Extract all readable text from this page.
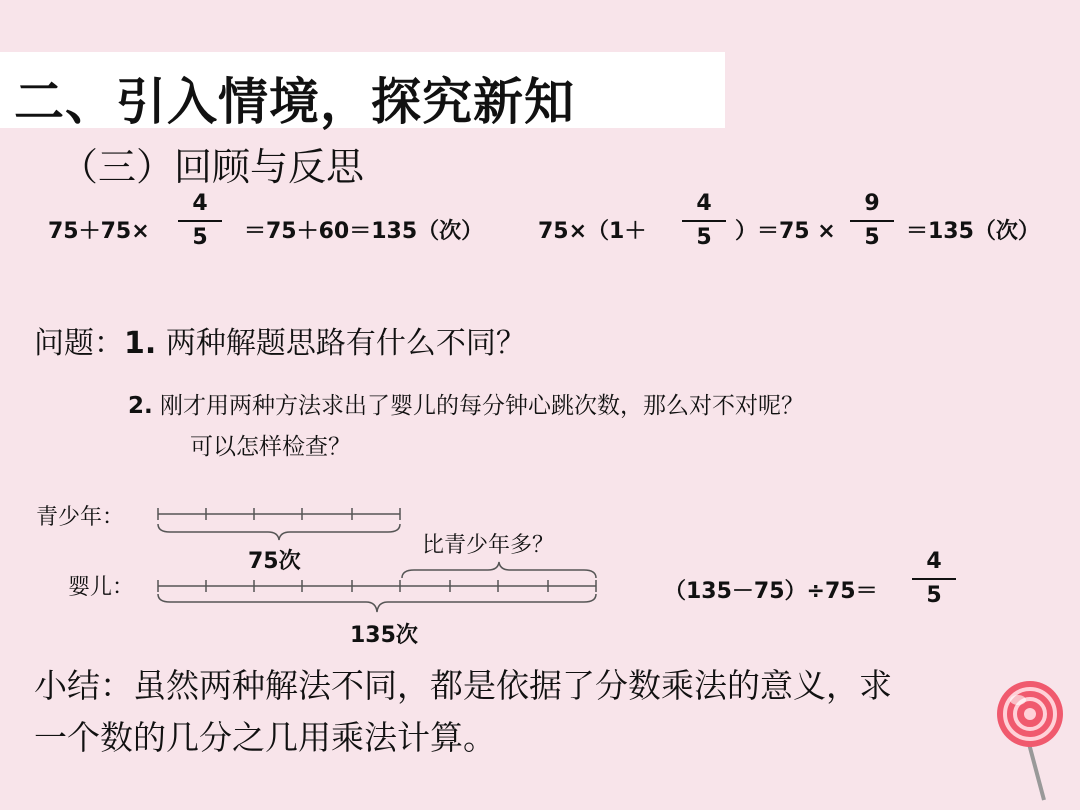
二、引入情境，探究新知
（三）回顾与反思
75＋75×
4
5	＝75＋60＝135（次） 75×（1＋
4
5	）＝75 ×
9
5	＝135（次）
问题：1. 两种解题思路有什么不同？
2. 刚才用两种方法求出了婴儿的每分钟心跳次数，那么对不对呢？
可以怎样检查？
青少年：
婴儿：
75次
比青少年多？
135次
（135－75）÷75＝
4
5
小结：虽然两种解法不同，都是依据了分数乘法的意义，求
一个数的几分之几用乘法计算。
